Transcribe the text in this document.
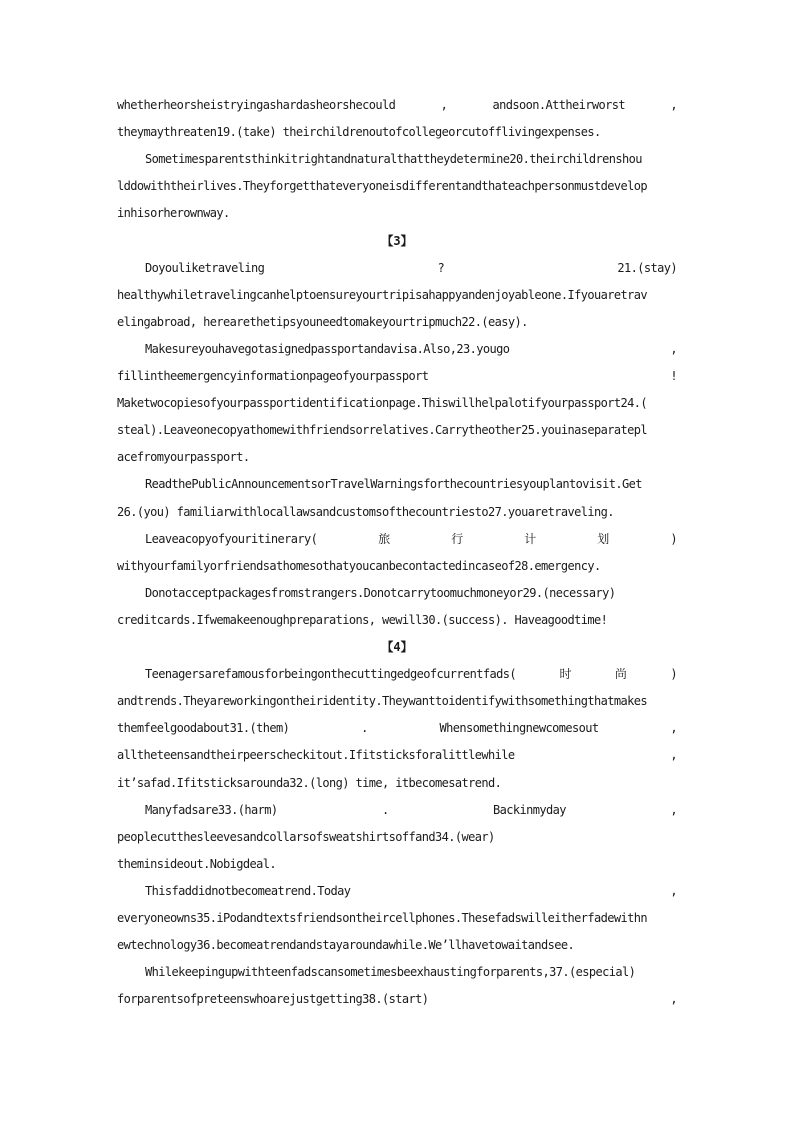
whetherheorsheistryingashardasheorshecould	,	andsoon.Attheirworst	,
theymaythreaten19.(take) theirchildrenoutofcollegeorcutofflivingexpenses.
Sometimesparentsthinkitrightandnaturalthattheydetermine20.theirchildrenshou
lddowiththeirlives.Theyforgetthateveryoneisdifferentandthateachpersonmustdevelop
inhisorherownway.
【3】
Doyouliketraveling	?	21.(stay)
healthywhiletravelingcanhelptoensureyourtripisahappyandenjoyableone.Ifyouaretrav
elingabroad, herearethetipsyouneedtomakeyourtripmuch22.(easy).
Makesureyouhavegotasignedpassportandavisa.Also,23.yougo	,
fillintheemergencyinformationpageofyourpassport	!
Maketwocopiesofyourpassportidentificationpage.Thiswillhelpalotifyourpassport24.(
steal).Leaveonecopyathomewithfriendsorrelatives.Carrytheother25.youinaseparatepl
acefromyourpassport.
ReadthePublicAnnouncementsorTravelWarningsforthecountriesyouplantovisit.Get
26.(you) familiarwithlocallawsandcustomsofthecountriesto27.youaretraveling.
Leaveacopyofyouritinerary(	旅	行	计	划	)
withyourfamilyorfriendsathomesothatyoucanbecontactedincaseof28.emergency.
Donotacceptpackagesfromstrangers.Donotcarrytoomuchmoneyor29.(necessary)
creditcards.Ifwemakeenoughpreparations, wewill30.(success). Haveagoodtime!
【4】
Teenagersarefamousforbeingonthecuttingedgeofcurrentfads(	时	尚	)
andtrends.Theyareworkingontheiridentity.Theywanttoidentifywithsomethingthatmakes
themfeelgoodabout31.(them)	.	Whensomethingnewcomesout	,
alltheteensandtheirpeerscheckitout.Ifitsticksforalittlewhile	,
it’safad.Ifitsticksarounda32.(long) time, itbecomesatrend.
Manyfadsare33.(harm)	.	Backinmyday	,
peoplecutthesleevesandcollarsofsweatshirtsoffand34.(wear)
theminsideout.Nobigdeal.
Thisfaddidnotbecomeatrend.Today	,
everyoneowns35.iPodandtextsfriendsontheircellphones.Thesefadswilleitherfadewithn
ewtechnology36.becomeatrendandstayaroundawhile.We’llhavetowaitandsee.
Whilekeepingupwithteenfadscansometimesbeexhaustingforparents,37.(especial)
forparentsofpreteenswhoarejustgetting38.(start)	,
